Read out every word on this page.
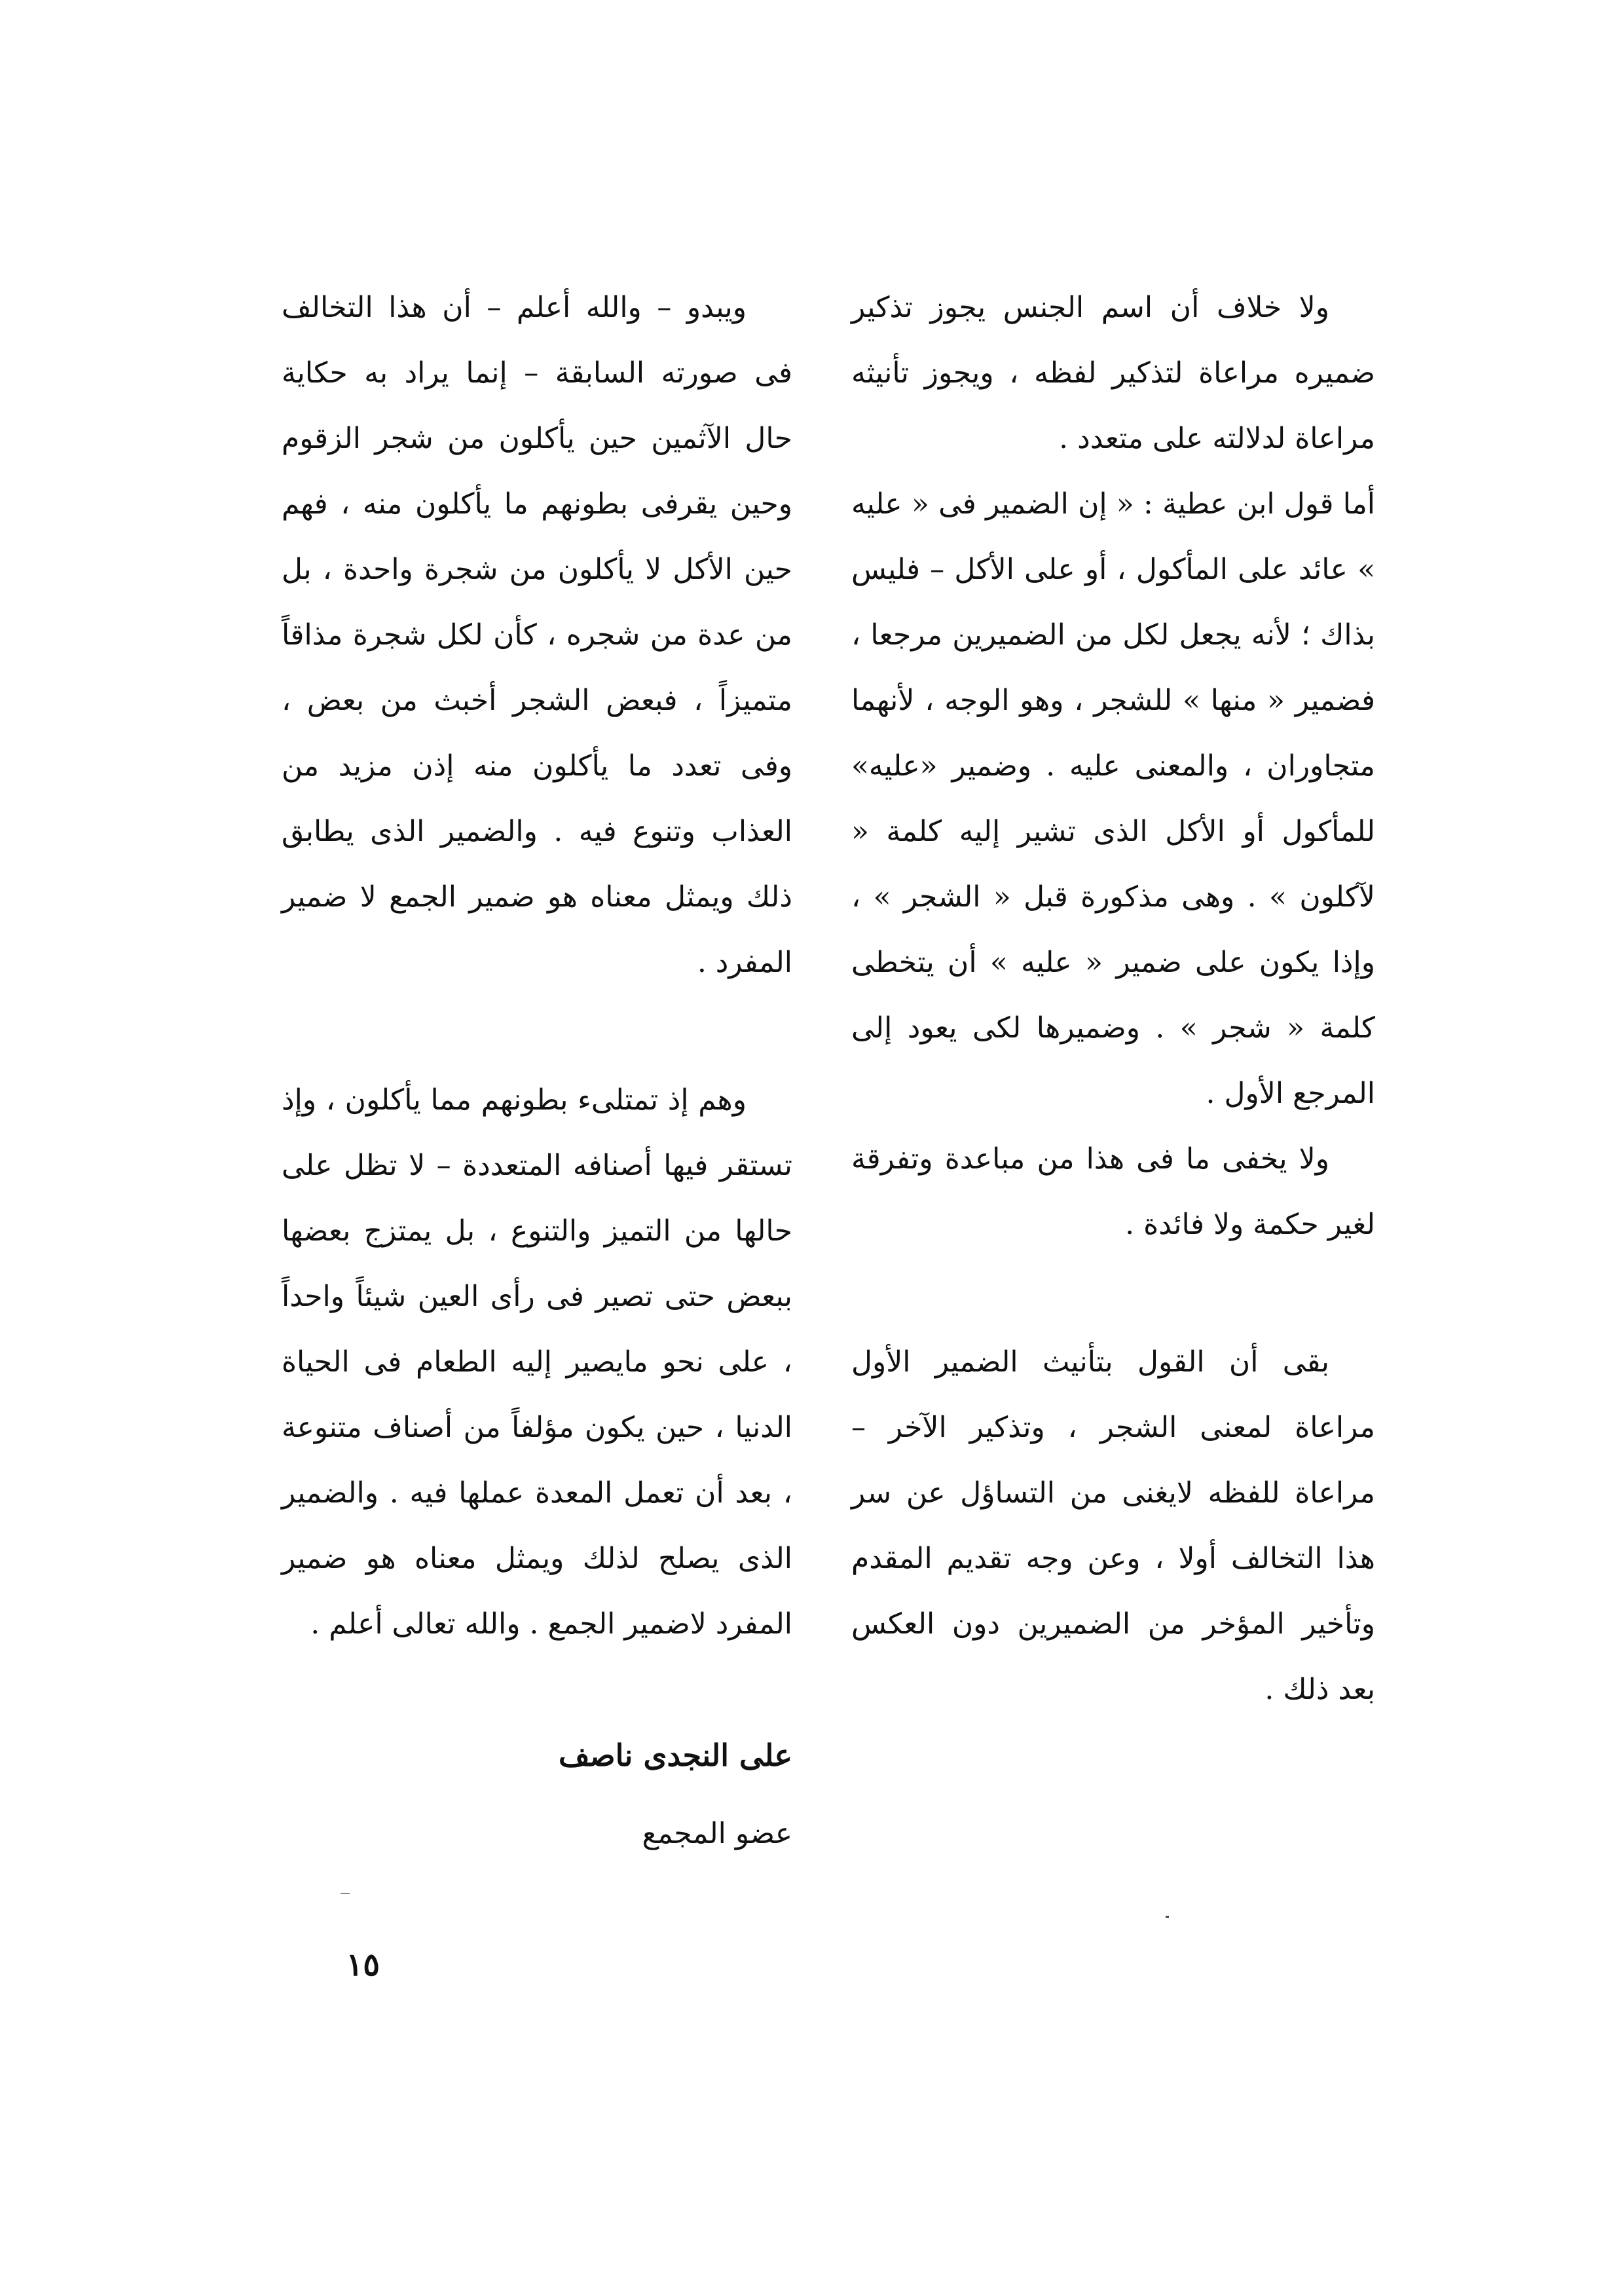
ولا خلاف أن اسم الجنس يجوز تذكير ضميره مراعاة لتذكير لفظه ، ويجوز تأنيثه مراعاة لدلالته على متعدد .

أما قول ابن عطية : « إن الضمير فى « عليه » عائد على المأكول ، أو على الأكل – فليس بذاك ؛ لأنه يجعل لكل من الضميرين مرجعا ، فضمير « منها » للشجر ، وهو الوجه ، لأنهما متجاوران ، والمعنى عليه . وضمير «عليه» للمأكول أو الأكل الذى تشير إليه كلمة « لآكلون » . وهى مذكورة قبل « الشجر » ، وإذا يكون على ضمير « عليه » أن يتخطى كلمة « شجر » . وضميرها لكى يعود إلى المرجع الأول .

ولا يخفى ما فى هذا من مباعدة وتفرقة لغير حكمة ولا فائدة .

بقى أن القول بتأنيث الضمير الأول مراعاة لمعنى الشجر ، وتذكير الآخر – مراعاة للفظه لايغنى من التساؤل عن سر هذا التخالف أولا ، وعن وجه تقديم المقدم وتأخير المؤخر من الضميرين دون العكس بعد ذلك .

ويبدو – والله أعلم – أن هذا التخالف فى صورته السابقة – إنما يراد به حكاية حال الآثمين حين يأكلون من شجر الزقوم وحين يقرفى بطونهم ما يأكلون منه ، فهم حين الأكل لا يأكلون من شجرة واحدة ، بل من عدة من شجره ، كأن لكل شجرة مذاقاً متميزاً ، فبعض الشجر أخبث من بعض ، وفى تعدد ما يأكلون منه إذن مزيد من العذاب وتنوع فيه . والضمير الذى يطابق ذلك ويمثل معناه هو ضمير الجمع لا ضمير المفرد .

وهم إذ تمتلىء بطونهم مما يأكلون ، وإذ تستقر فيها أصنافه المتعددة – لا تظل على حالها من التميز والتنوع ، بل يمتزج بعضها ببعض حتى تصير فى رأى العين شيئاً واحداً ، على نحو مايصير إليه الطعام فى الحياة الدنيا ، حين يكون مؤلفاً من أصناف متنوعة ، بعد أن تعمل المعدة عملها فيه . والضمير الذى يصلح لذلك ويمثل معناه هو ضمير المفرد لاضمير الجمع . والله تعالى أعلم .

على النجدى ناصف
عضو المجمع
١٥
